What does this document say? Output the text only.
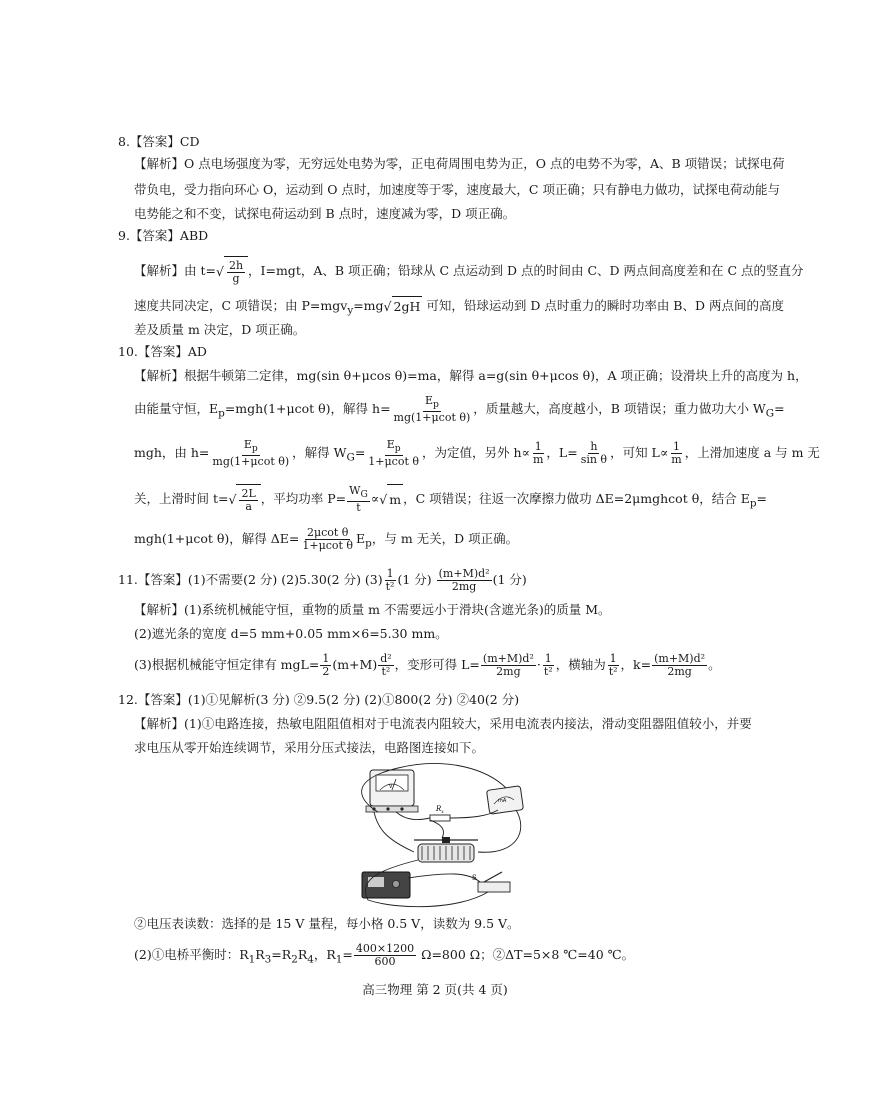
8.【答案】CD
【解析】O 点电场强度为零，无穷远处电势为零，正电荷周围电势为正，O 点的电势不为零，A、B 项错误；试探电荷
带负电，受力指向环心 O，运动到 O 点时，加速度等于零，速度最大，C 项正确；只有静电力做功，试探电荷动能与
电势能之和不变，试探电荷运动到 B 点时，速度减为零，D 项正确。
9.【答案】ABD
【解析】由 $t=√ \frac{2h}{g}$ ，I=mgt，A、B 项正确；铅球从 C 点运动到 D 点的时间由 C、D 两点间高度差和在 C 点的竖直分
速度共同决定，C 项错误；由 P=mgv$_y$=mg√ 2gH 可知，铅球运动到 D 点时重力的瞬时功率由 B、D 两点间的高度
差及质量 m 决定，D 项正确。
10.【答案】AD
【解析】根据牛顿第二定律，mg(sin θ+μcos θ)=ma，解得 a=g(sin θ+μcos θ)，A 项正确；设滑块上升的高度为 h，
由能量守恒，$E_p=mgh(1+\mu\cot$ θ)，解得 $h= \frac{E_p}{\text{mg(1+μcot θ)}}$ ，质量越大，高度越小，B 项错误；重力做功大小 $W_G=$
mgh，由 $h= \frac{E_p}{\text{mg(1+μcot θ)}}$ ，解得 $W_G= \frac{E_p}{\text{1+μcot θ}}$ ，为定值，另外 $h\propto \frac{1}{m}$ ，$L= \frac{h}{\text{sin θ}}$ ，可知 $L\propto \frac{1}{m}$ ，上滑加速度 a 与 m 无
关，上滑时间 $t=√ \frac{2L}{a}$ ，平均功率 $P= \frac{W_G}{t}$ ∝√ m ，C 项错误；往返一次摩擦力做功 ΔE=2μmghcot θ，结合 $E_p=$
mgh(1+μcot θ)，解得 $\Delta E= \frac{\text{2μcot θ}}{\text{1+μcot θ}} E_p$，与 m 无关，D 项正确。
11.【答案】(1)不需要(2 分) (2)5.30(2 分) $(3) \frac{1}{\text{t²}} (1$ 分) $\frac{\text{(m+M)d²}}{2mg} (1$ 分)
【解析】(1)系统机械能守恒，重物的质量 m 不需要远小于滑块(含遮光条)的质量 M。
(2)遮光条的宽度 d=5 mm+0.05 mm×6=5.30 mm。
(3)根据机械能守恒定律有 $mgL= \frac{1}{2} (m+M) \frac{\text{d²}}{\text{t²}}$ ，变形可得 $L= \frac{\text{(m+M)d²}}{2mg} \cdot \frac{1}{\text{t²}}$ ，横轴为 $\frac{1}{\text{t²}}$ ，$k= \frac{\text{(m+M)d²}}{2mg}$ 。
12.【答案】(1)①见解析(3 分) ②9.5(2 分) (2)①800(2 分) ②40(2 分)
【解析】(1)①电路连接，热敏电阻阻值相对于电流表内阻较大，采用电流表内接法，滑动变阻器阻值较小，并要
求电压从零开始连续调节，采用分压式接法，电路图连接如下。
V
mA
$R_x$
S
②电压表读数：选择的是 15 V 量程，每小格 0.5 V，读数为 9.5 V。
(2)①电桥平衡时：$R_1R_3=R_2R_4$，$R_1= \frac{400\times 1200}{600} \Omega=800$ Ω；②ΔT=5×8 ℃=40 ℃。
高三物理 第 2 页(共 4 页)
